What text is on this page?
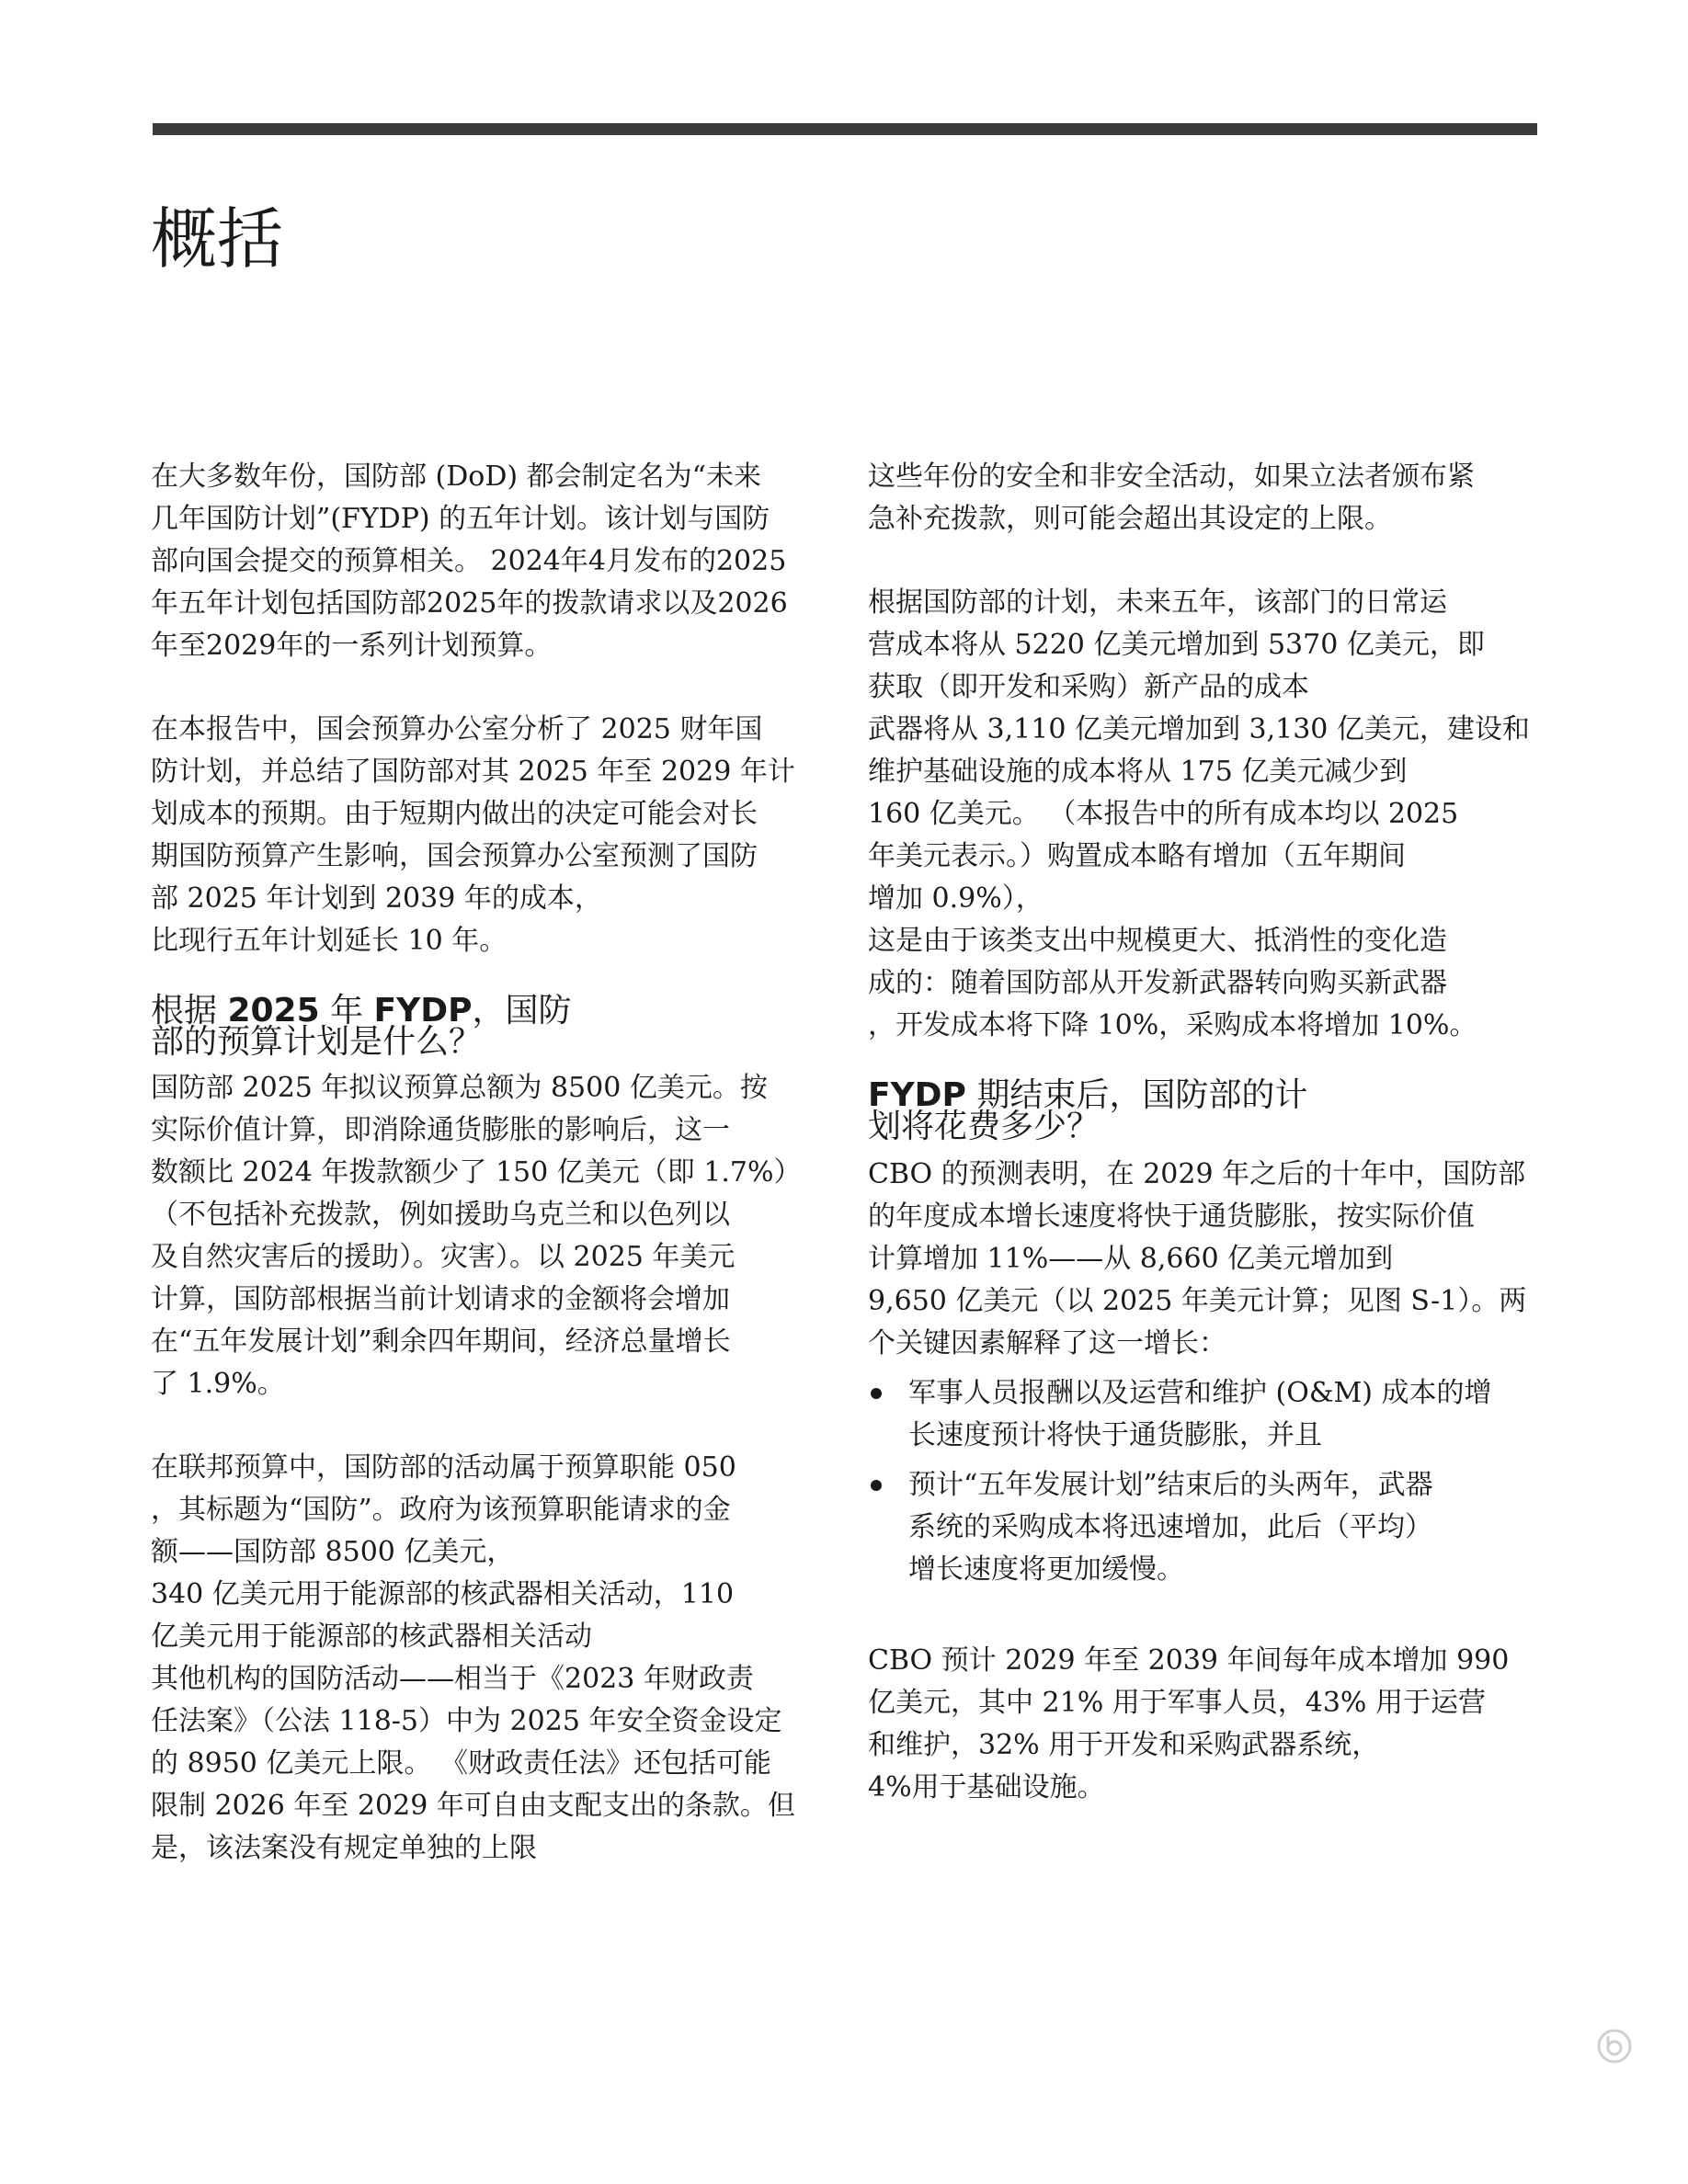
概括

在大多数年份，国防部 (DoD) 都会制定名为“未来
几年国防计划”(FYDP) 的五年计划。该计划与国防
部向国会提交的预算相关。 2024年4月发布的2025
年五年计划包括国防部2025年的拨款请求以及2026
年至2029年的一系列计划预算。

在本报告中，国会预算办公室分析了 2025 财年国
防计划，并总结了国防部对其 2025 年至 2029 年计
划成本的预期。由于短期内做出的决定可能会对长
期国防预算产生影响，国会预算办公室预测了国防
部 2025 年计划到 2039 年的成本，
比现行五年计划延长 10 年。

根据 2025 年 FYDP，国防
部的预算计划是什么？

国防部 2025 年拟议预算总额为 8500 亿美元。按
实际价值计算，即消除通货膨胀的影响后，这一
数额比 2024 年拨款额少了 150 亿美元（即 1.7%）
（不包括补充拨款，例如援助乌克兰和以色列以
及自然灾害后的援助）。灾害）。以 2025 年美元
计算，国防部根据当前计划请求的金额将会增加
在“五年发展计划”剩余四年期间，经济总量增长
了 1.9%。

在联邦预算中，国防部的活动属于预算职能 050
，其标题为“国防”。政府为该预算职能请求的金
额——国防部 8500 亿美元，
340 亿美元用于能源部的核武器相关活动，110
亿美元用于能源部的核武器相关活动
其他机构的国防活动——相当于《2023 年财政责
任法案》（公法 118-5）中为 2025 年安全资金设定
的 8950 亿美元上限。 《财政责任法》还包括可能
限制 2026 年至 2029 年可自由支配支出的条款。但
是，该法案没有规定单独的上限

这些年份的安全和非安全活动，如果立法者颁布紧
急补充拨款，则可能会超出其设定的上限。

根据国防部的计划，未来五年，该部门的日常运
营成本将从 5220 亿美元增加到 5370 亿美元，即
获取（即开发和采购）新产品的成本
武器将从 3,110 亿美元增加到 3,130 亿美元，建设和
维护基础设施的成本将从 175 亿美元减少到
160 亿美元。 （本报告中的所有成本均以 2025
年美元表示。）购置成本略有增加（五年期间
增加 0.9%），
这是由于该类支出中规模更大、抵消性的变化造
成的：随着国防部从开发新武器转向购买新武器
，开发成本将下降 10%，采购成本将增加 10%。

FYDP 期结束后，国防部的计
划将花费多少？

CBO 的预测表明，在 2029 年之后的十年中，国防部
的年度成本增长速度将快于通货膨胀，按实际价值
计算增加 11%——从 8,660 亿美元增加到
9,650 亿美元（以 2025 年美元计算；见图 S-1）。两
个关键因素解释了这一增长：

军事人员报酬以及运营和维护 (O&M) 成本的增
长速度预计将快于通货膨胀，并且
预计“五年发展计划”结束后的头两年，武器
系统的采购成本将迅速增加，此后（平均）
增长速度将更加缓慢。

CBO 预计 2029 年至 2039 年间每年成本增加 990
亿美元，其中 21% 用于军事人员，43% 用于运营
和维护，32% 用于开发和采购武器系统，
4%用于基础设施。
